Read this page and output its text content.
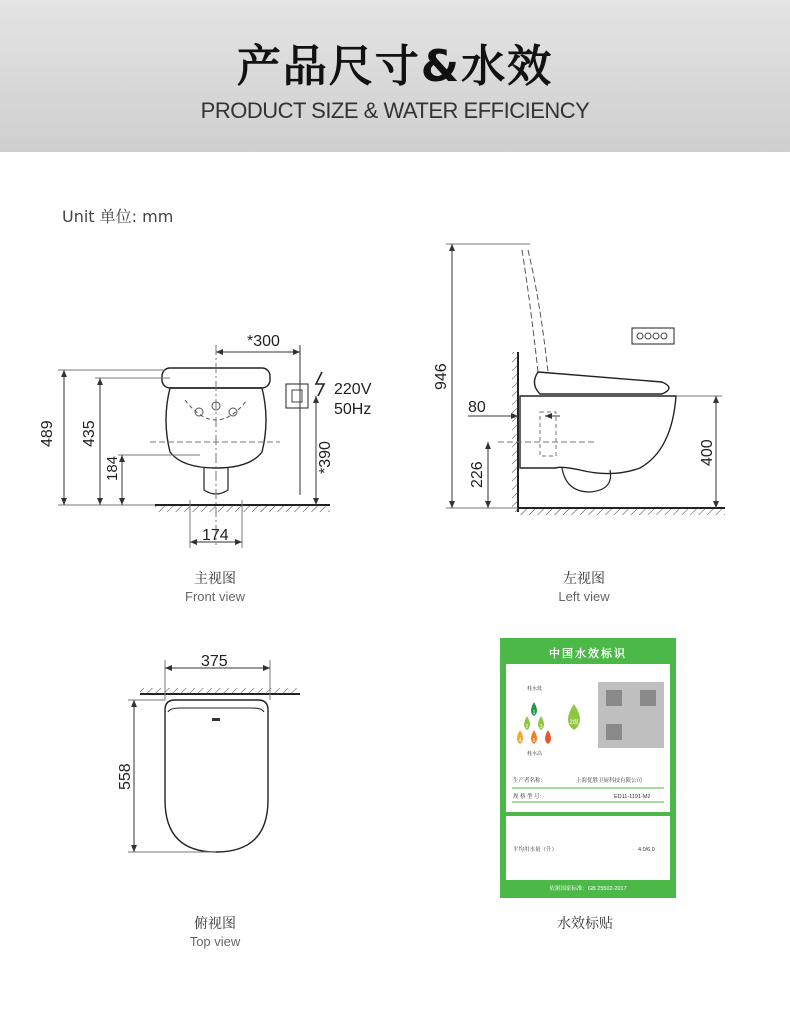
产品尺寸&水效
PRODUCT SIZE & WATER EFFICIENCY
Unit 单位: mm
*300
489 435
184
174
*390
220V
50Hz
946
80
226
400
375
558
中国水效标识
CHINA WATER EFFICIENCY LABEL
耗水低
耗水高
1
2 3
4 5
2级
生产者名称:	上海优胜卫厨科技有限公司
规 格 型 号:	ED11-1191-M2
平均用水量（升）	4.0/6.0
依据国家标准：GB 25502-2017
主视图
Front view
左视图
Left view
俯视图
Top view
水效标贴
